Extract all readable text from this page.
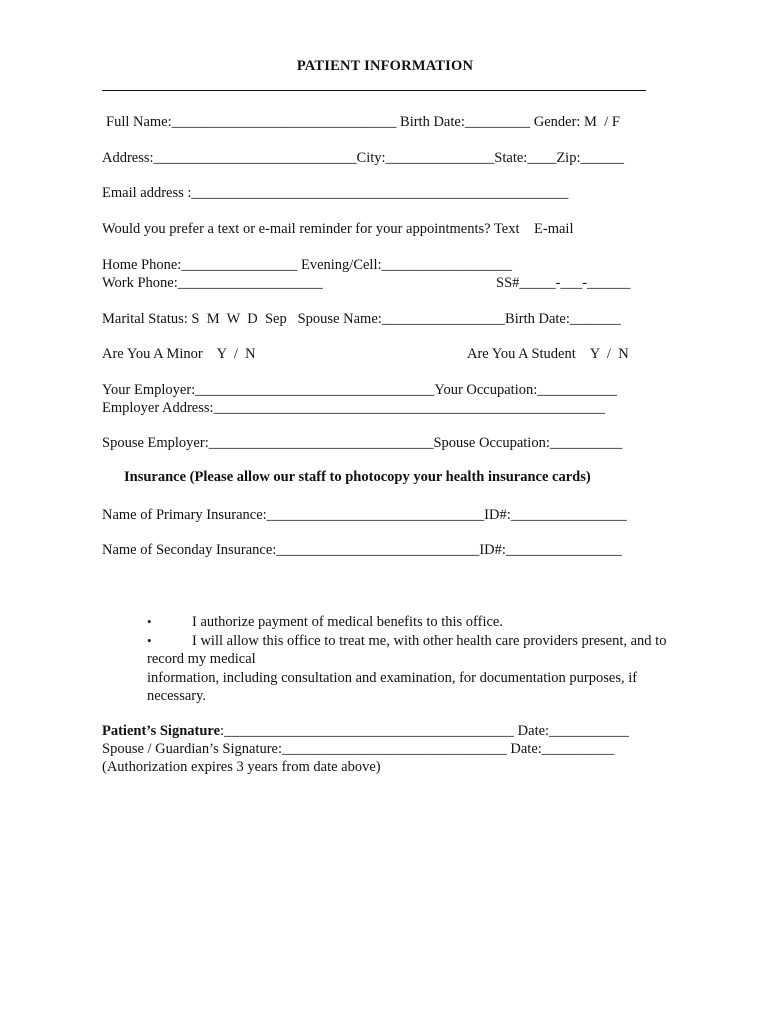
PATIENT INFORMATION
Full Name:_______________________________ Birth Date:_________ Gender: M  / F
Address:____________________________City:_______________State:____Zip:______
Email address :____________________________________________________
Would you prefer a text or e-mail reminder for your appointments? Text    E-mail
Home Phone:________________ Evening/Cell:__________________
Work Phone:____________________	SS#_____-___-______
Marital Status: S  M  W  D  Sep   Spouse Name:_________________Birth Date:_______
Are You A Minor    Y  /  N	Are You A Student    Y  /  N
Your Employer:_________________________________Your Occupation:___________
Employer Address:______________________________________________________
Spouse Employer:_______________________________Spouse Occupation:__________
Insurance (Please allow our staff to photocopy your health insurance cards)
Name of Primary Insurance:______________________________ID#:________________
Name of Seconday Insurance:____________________________ID#:________________
•	I authorize payment of medical benefits to this office.
•	I will allow this office to treat me, with other health care providers present, and to
record my medical
information, including consultation and examination, for documentation purposes, if
necessary.
Patient’s Signature:________________________________________ Date:___________
Spouse / Guardian’s Signature:_______________________________ Date:__________
(Authorization expires 3 years from date above)
